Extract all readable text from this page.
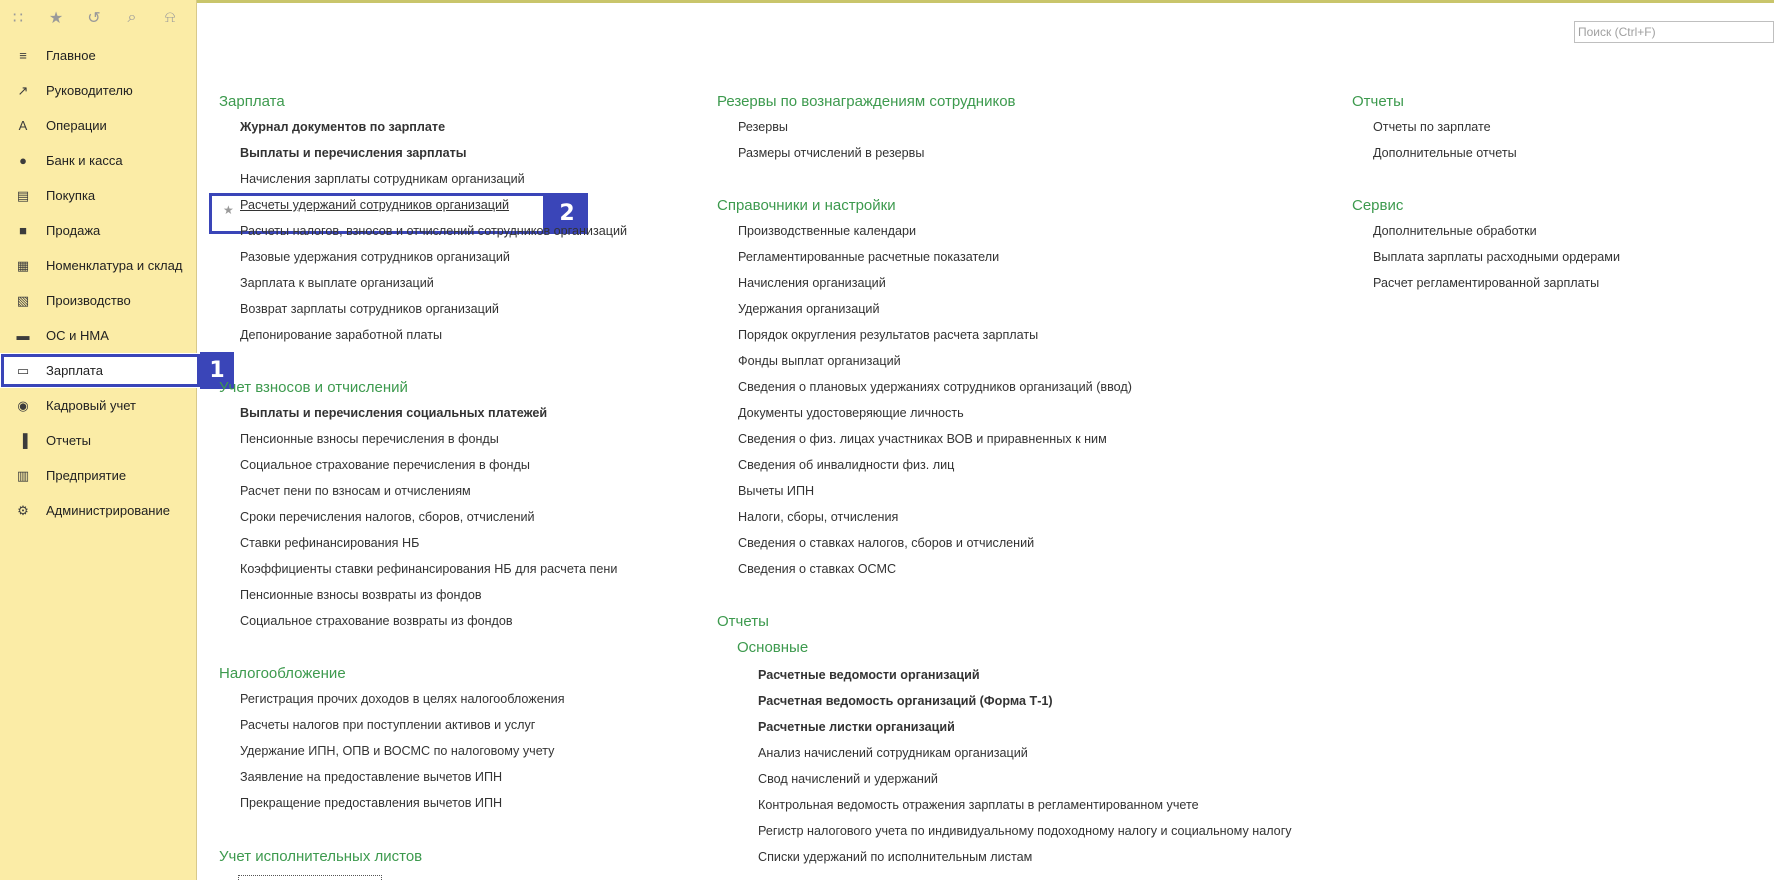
∷	★ ↺	⌕	⍾
≡	Главное
↗ Руководителю
A	Операции
●	Банк и касса
▤ Покупка
■	Продажа
▦ Номенклатура и склад
▧ Производство
▬ ОС и НМА
▭ Зарплата
◉ Кадровый учет
▐	Отчеты
▥ Предприятие
⚙ Администрирование
1
Поиск (Ctrl+F)
2
Зарплата
Журнал документов по зарплате
Выплаты и перечисления зарплаты
Начисления зарплаты сотрудникам организаций
Расчеты удержаний сотрудников организаций
Расчеты налогов, взносов и отчислений сотрудников организаций
Разовые удержания сотрудников организаций
Зарплата к выплате организаций
Возврат зарплаты сотрудников организаций
Депонирование заработной платы
Учет взносов и отчислений
Выплаты и перечисления социальных платежей
Пенсионные взносы перечисления в фонды
Социальное страхование перечисления в фонды
Расчет пени по взносам и отчислениям
Сроки перечисления налогов, сборов, отчислений
Ставки рефинансирования НБ
Коэффициенты ставки рефинансирования НБ для расчета пени
Пенсионные взносы возвраты из фондов
Социальное страхование возвраты из фондов
Налогообложение
Регистрация прочих доходов в целях налогообложения
Расчеты налогов при поступлении активов и услуг
Удержание ИПН, ОПВ и ВОСМС по налоговому учету
Заявление на предоставление вычетов ИПН
Прекращение предоставления вычетов ИПН
Учет исполнительных листов
Резервы по вознаграждениям сотрудников
Резервы
Размеры отчислений в резервы
Справочники и настройки
Производственные календари
Регламентированные расчетные показатели
Начисления организаций
Удержания организаций
Порядок округления результатов расчета зарплаты
Фонды выплат организаций
Сведения о плановых удержаниях сотрудников организаций (ввод)
Документы удостоверяющие личность
Сведения о физ. лицах участниках ВОВ и приравненных к ним
Сведения об инвалидности физ. лиц
Вычеты ИПН
Налоги, сборы, отчисления
Сведения о ставках налогов, сборов и отчислений
Сведения о ставках ОСМС
Отчеты
Основные
Расчетные ведомости организаций
Расчетная ведомость организаций (Форма Т-1)
Расчетные листки организаций
Анализ начислений сотрудникам организаций
Свод начислений и удержаний
Контрольная ведомость отражения зарплаты в регламентированном учете
Регистр налогового учета по индивидуальному подоходному налогу и социальному налогу
Списки удержаний по исполнительным листам
Отчеты
Отчеты по зарплате
Дополнительные отчеты
Сервис
Дополнительные обработки
Выплата зарплаты расходными ордерами
Расчет регламентированной зарплаты
★
